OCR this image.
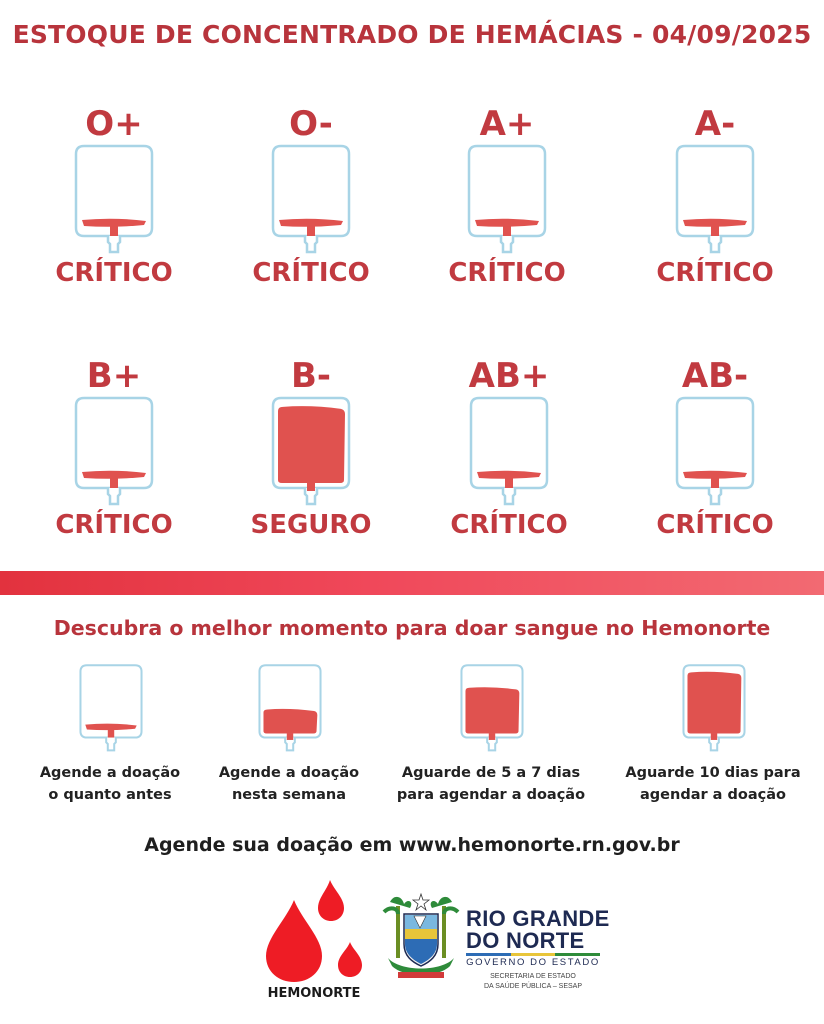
ESTOQUE DE CONCENTRADO DE HEMÁCIAS - 04/09/2025
O+
CRÍTICO
O-
CRÍTICO
A+
CRÍTICO
A-
CRÍTICO
B+
CRÍTICO
B-
SEGURO
AB+
CRÍTICO
AB-
CRÍTICO
Descubra o melhor momento para doar sangue no Hemonorte
Agende a doação
o quanto antes
Agende a doação
nesta semana
Aguarde de 5 a 7 dias
para agendar a doação
Aguarde 10 dias para
agendar a doação
Agende sua doação em www.hemonorte.rn.gov.br
HEMONORTE
RIO GRANDE
DO NORTE
GOVERNO DO ESTADO
SECRETARIA DE ESTADO
DA SAÚDE PÚBLICA – SESAP
